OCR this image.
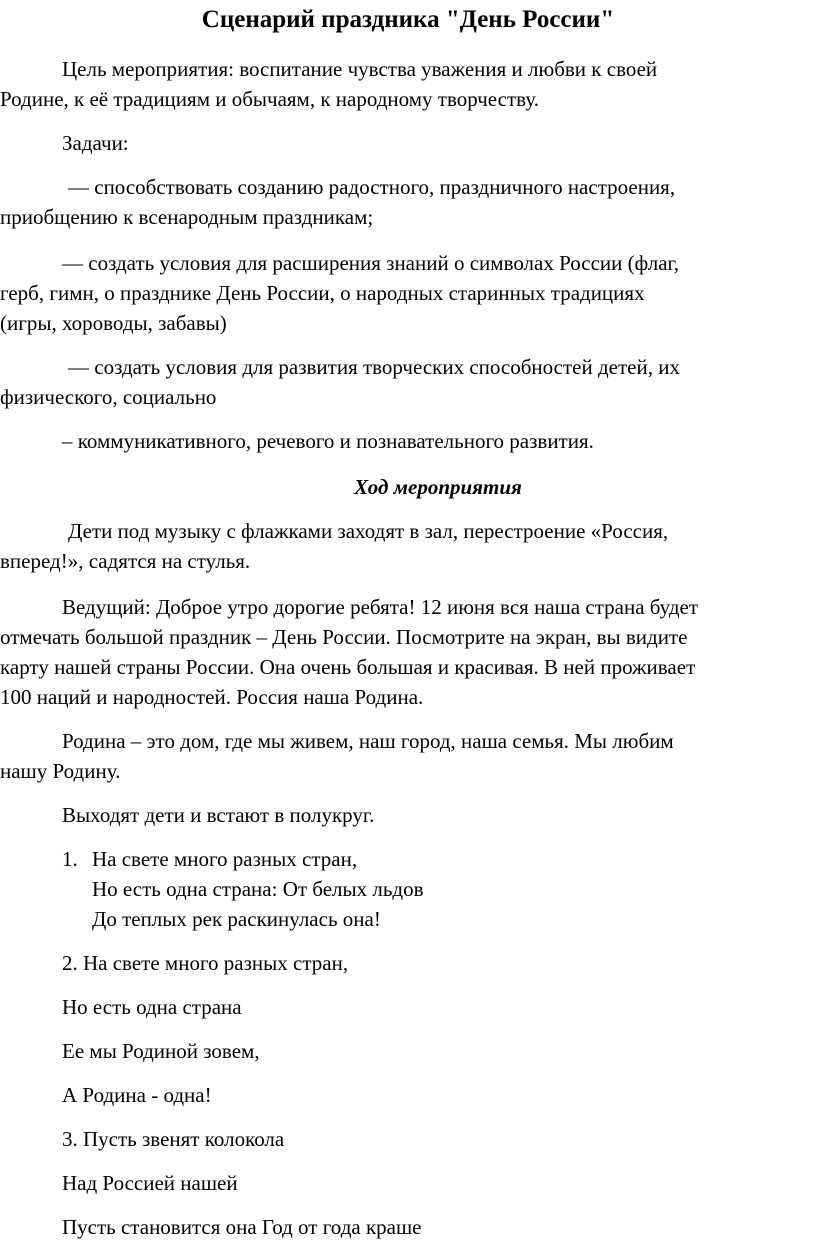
Сценарий праздника "День России"
Цель мероприятия: воспитание чувства уважения и любви к своей
Родине, к её традициям и обычаям, к народному творчеству.
Задачи:
— способствовать созданию радостного, праздничного настроения,
приобщению к всенародным праздникам;
— создать условия для расширения знаний о символах России (флаг,
герб, гимн, о празднике День России, о народных старинных традициях
(игры, хороводы, забавы)
— создать условия для развития творческих способностей детей, их
физического, социально
– коммуникативного, речевого и познавательного развития.
Ход мероприятия
Дети под музыку с флажками заходят в зал, перестроение «Россия,
вперед!», садятся на стулья.
Ведущий: Доброе утро дорогие ребята! 12 июня вся наша страна будет
отмечать большой праздник – День России. Посмотрите на экран, вы видите
карту нашей страны России. Она очень большая и красивая. В ней проживает
100 наций и народностей. Россия наша Родина.
Родина – это дом, где мы живем, наш город, наша семья. Мы любим
нашу Родину.
Выходят дети и встают в полукруг.
1. На свете много разных стран,
Но есть одна страна: От белых льдов
До теплых рек раскинулась она!
2. На свете много разных стран,
Но есть одна страна
Ее мы Родиной зовем,
А Родина - одна!
3. Пусть звенят колокола
Над Россией нашей
Пусть становится она Год от года краше
